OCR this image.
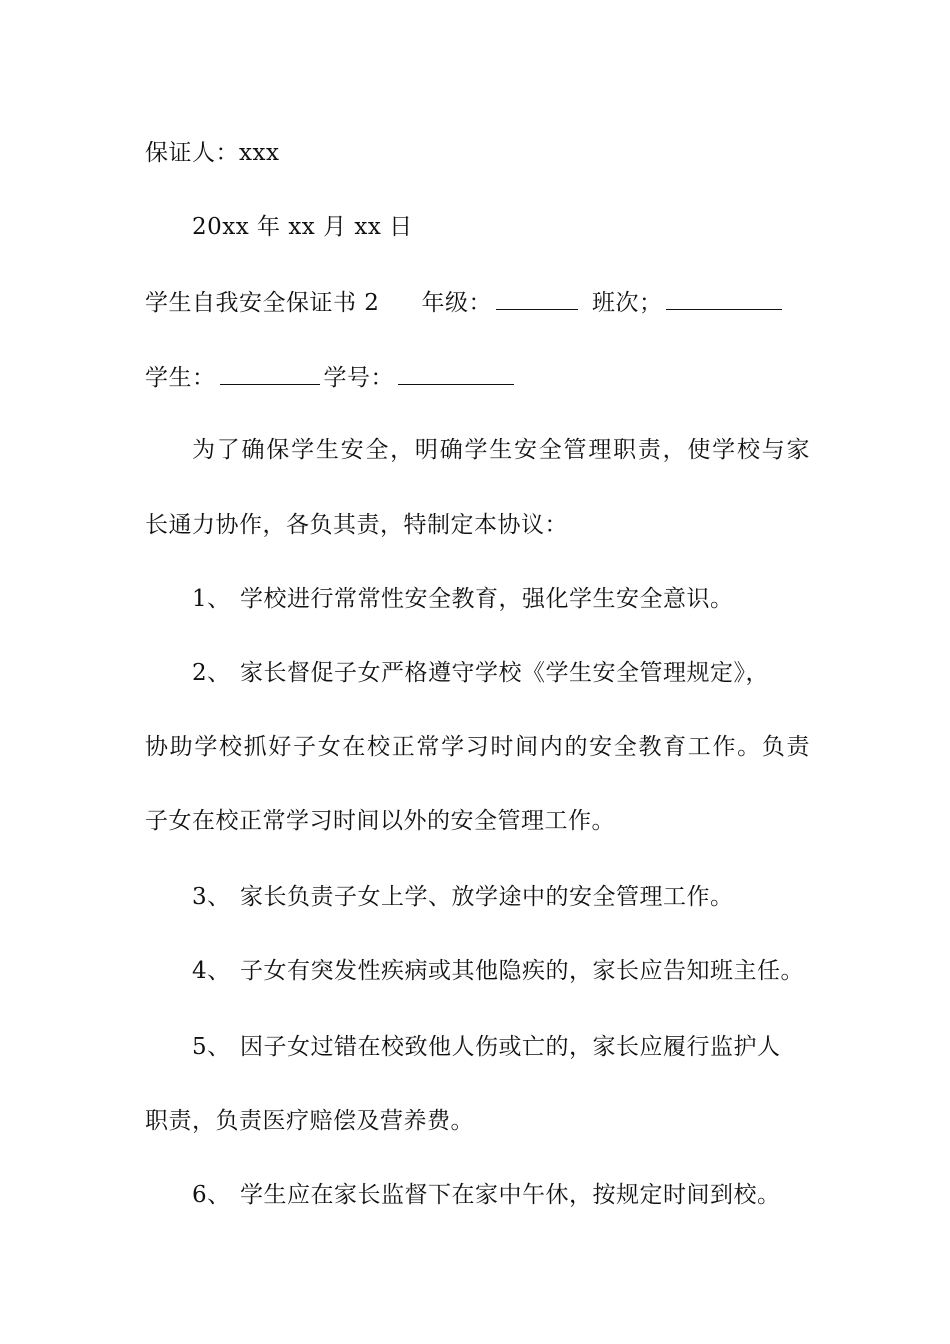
保证人：xxx
20xx 年 xx 月 xx 日
学生自我安全保证书 2 年级：	班次；
学生：	学号：
为了确保学生安全，明确学生安全管理职责，使学校与家
长通力协作，各负其责，特制定本协议：
1、 学校进行常常性安全教育，强化学生安全意识。
2、 家长督促子女严格遵守学校《学生安全管理规定》，
协助学校抓好子女在校正常学习时间内的安全教育工作。负责
子女在校正常学习时间以外的安全管理工作。
3、 家长负责子女上学、放学途中的安全管理工作。
4、 子女有突发性疾病或其他隐疾的，家长应告知班主任。
5、 因子女过错在校致他人伤或亡的，家长应履行监护人
职责，负责医疗赔偿及营养费。
6、 学生应在家长监督下在家中午休，按规定时间到校。
